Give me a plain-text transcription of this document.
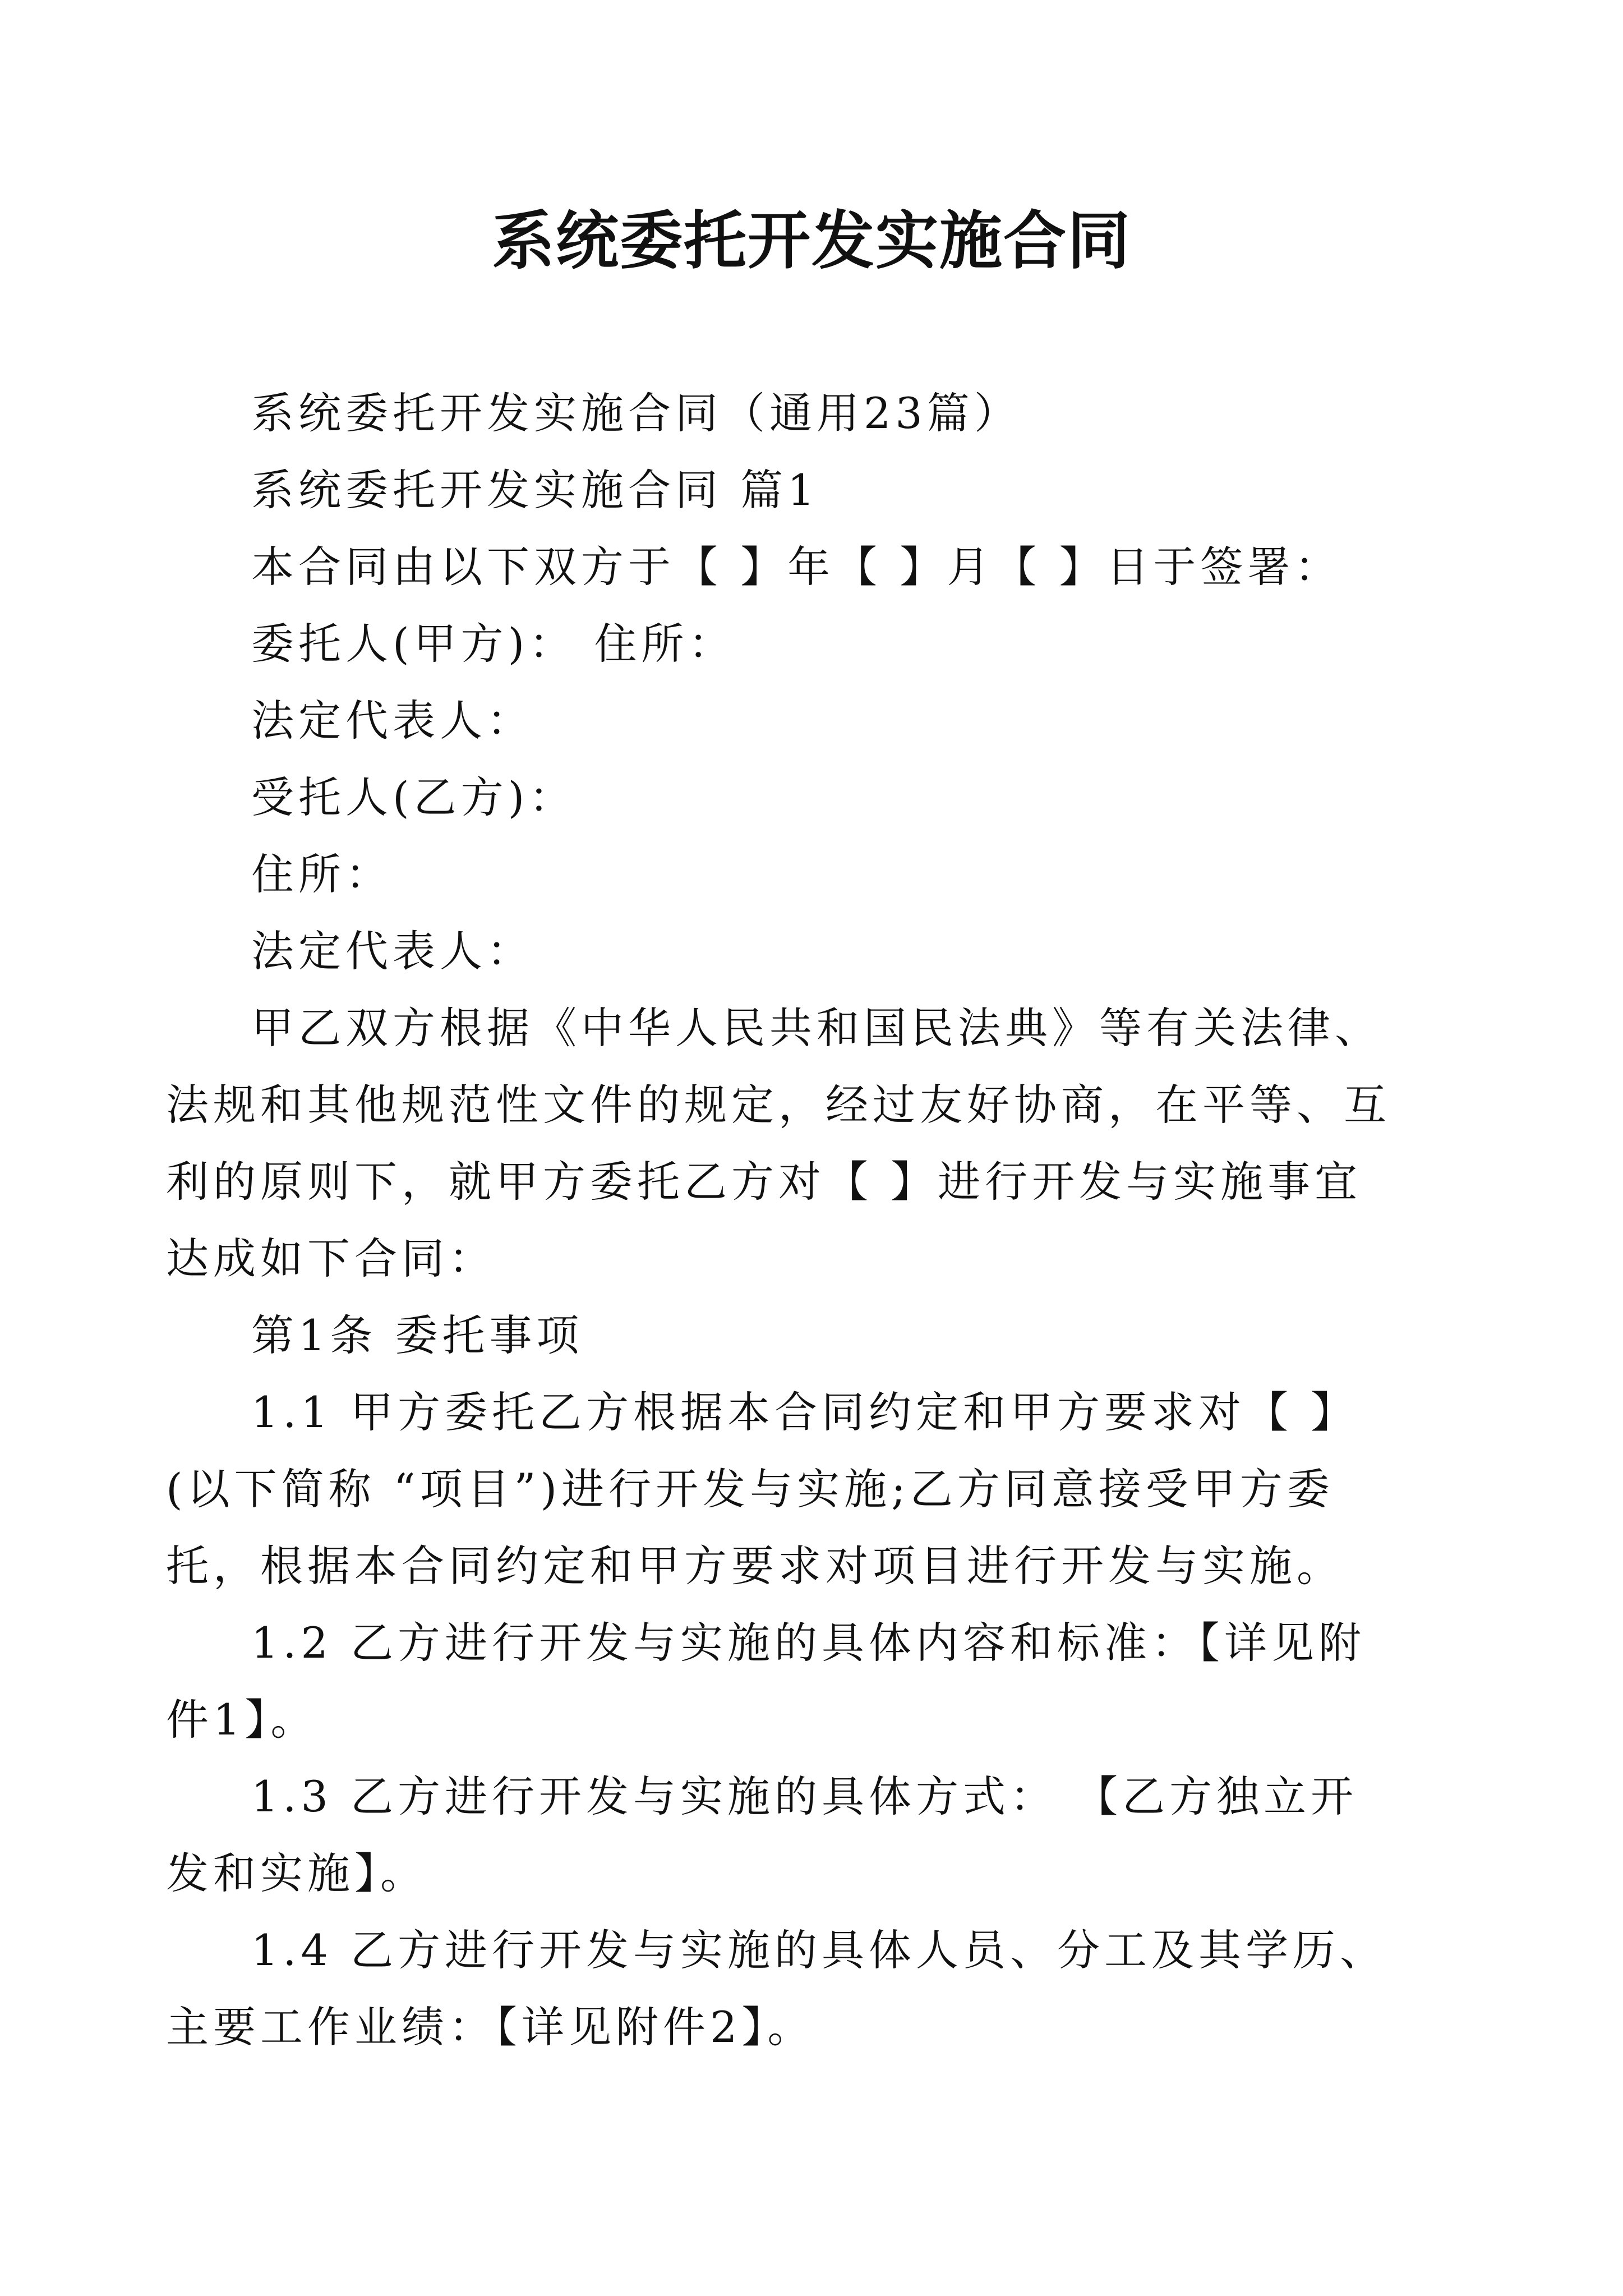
系统委托开发实施合同

系统委托开发实施合同（通用23篇）

系统委托开发实施合同 篇1

本合同由以下双方于【 】年【 】月【 】日于签署：

委托人(甲方)： 住所：

法定代表人：

受托人(乙方)：

住所：

法定代表人：

甲乙双方根据《中华人民共和国民法典》等有关法律、
法规和其他规范性文件的规定，经过友好协商，在平等、互
利的原则下，就甲方委托乙方对【 】进行开发与实施事宜
达成如下合同：

第1条 委托事项

1.1 甲方委托乙方根据本合同约定和甲方要求对【 】
(以下简称 “项目”)进行开发与实施;乙方同意接受甲方委
托，根据本合同约定和甲方要求对项目进行开发与实施。

1.2 乙方进行开发与实施的具体内容和标准：【详见附
件1】。

1.3 乙方进行开发与实施的具体方式： 【乙方独立开
发和实施】。

1.4 乙方进行开发与实施的具体人员、分工及其学历、
主要工作业绩：【详见附件2】。
